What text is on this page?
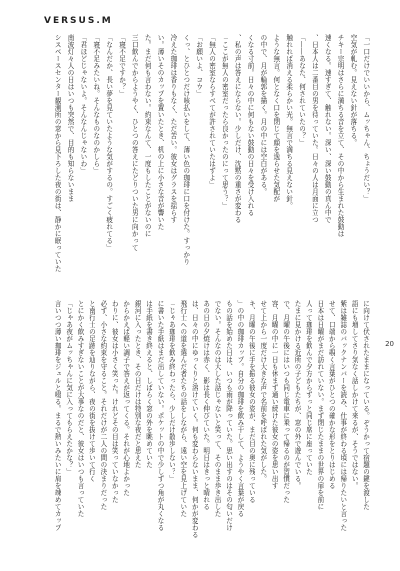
VERSUS.M
「一口だけでいいから、ムッちゃん、ちょうだい？」
空気が軋む。見えない針が落ちる。
チキー宗明はさらに満ちる音を立て、その中から生まれた鼓動は
速くなる。速すぎて、触れない。深い、深い鼓動の真ん中で
、日本人は二番目の男を待っていた。日々の人は月面に立つ
「――あなた、何されていたの？」
触れれば消える柔らかい光。無言で満ちる見えない針。
ような無言。何となく口を閉じて顔を逸らせた気配が
の中で、月が輪郭を描く。月の中には空白がある。
くなる寸前。日々の中に何もない鼓動の日々を受け入れる
、私の声は答えにならない。少しだけ、沈黙の重さが変わる
「ここが無人の密室だったら良かったのにって思う？」
「無人の密室ならすべてが許されていたはずよ」
「お願いよ、コウ」
くっ、とひとつだけ咳払いをして、薄い色の珈琲に口を付けた。すっかり
冷えた珈琲は香りもなく、ただ苦い。彼女はグラスを揺らす
い。薄いそのカップを置いたとき、机の上に小さな音が響いた
た。まだ何も言わない。約束なんて、一度もしたことがないのに
三口飲んでからようやく、ひとつの答えにたどりついた男に向かって
「寝不足ですか？」
「なんだか、長い夢を見ていたような気がするの。すごく疲れてる」
「寝不足みたいね。そんなものなのかしら」
「君ほどじゃないよ。そんなんじゃないわ」
南波灯々人の日はいつも突然で、目的も知らないまま
シスベースセンター観測所の窓から見下ろした夜の街は、静かに眠っていた
に向けて伏されたままになっている。ぞうかって宿題の鍵を渡した
語にも増してさり気なく話しかけて来るが、そうではない。
紫は雑誌のバックナンバーを読み、仕事が終わる頃には帰りたいと言った
せて、口端から覗く言葉がひとつの確かな形をとりはじめる
日本は日曜がまだ訪れていない。まず閉じたままの世界の扉を前に
人って珈琲を飲んで夕方からずっと同じ席に座っていた
たまに見かける近所の子どもたちが、窓の外で遊んでいる。
で、月曜の午後にはいつも同じ電車に乗って帰るのが習慣だった
容、月曜の中に一日も休まず通い続けた彼女の姿を思い出す
せて上から一度だけ大きな声で名前を呼ばれた気がした。
キ、月曜の午後に手を振る彼女の姿が、まだ目の奥に残っている
」の中の珈琲カップ。自分の珈琲を飲み干して、ようやく言葉が戻る
もの話を始めた日は、いつも雨が降っていた。思い出すのはその匂いだけ
でない。そんなのは大した話じゃないと笑って、そのまま歩き出した
あの日の夕焼けは赤く、影は長く伸びていた。明日はきっと晴れる
は、日々の中にゆっくりと溶けていく。何も変わらないまま、何かが変わる
飛行士への道を選んだ者たちの話をしながら、遠い空を見上げていた
「じゃあ珈琲を飲み終わったら、少しだけ散歩しない？」
に書いた手紙はまだ出していない。ポケットの中で少しずつ角が丸くなる
は手紙を書き終えると、しばらく窓の外を眺めていた
銀河に入ったとき、その日だけは特別な夜だと思えた
からかえば軽い調子で答えが返ってくる。それが心地よかった
わりに、彼女は小さく笑った。けれどその目は笑っていなかった
必ず、小さな約束を守ること。それだけが二人の間の決まりだった
と南行士の足跡を辿りながら、夜の街を抜けて歩いて行く
とにかく飲みすぎないことが大事なのだと、彼女はいつも言っていた
「じゃあ夜がムッちゃんに気に入ってもらえたかな？」
言いつつ薄い珈琲をジュルと啜る。まるで熱いみたいに肩を竦めてカップ	20
